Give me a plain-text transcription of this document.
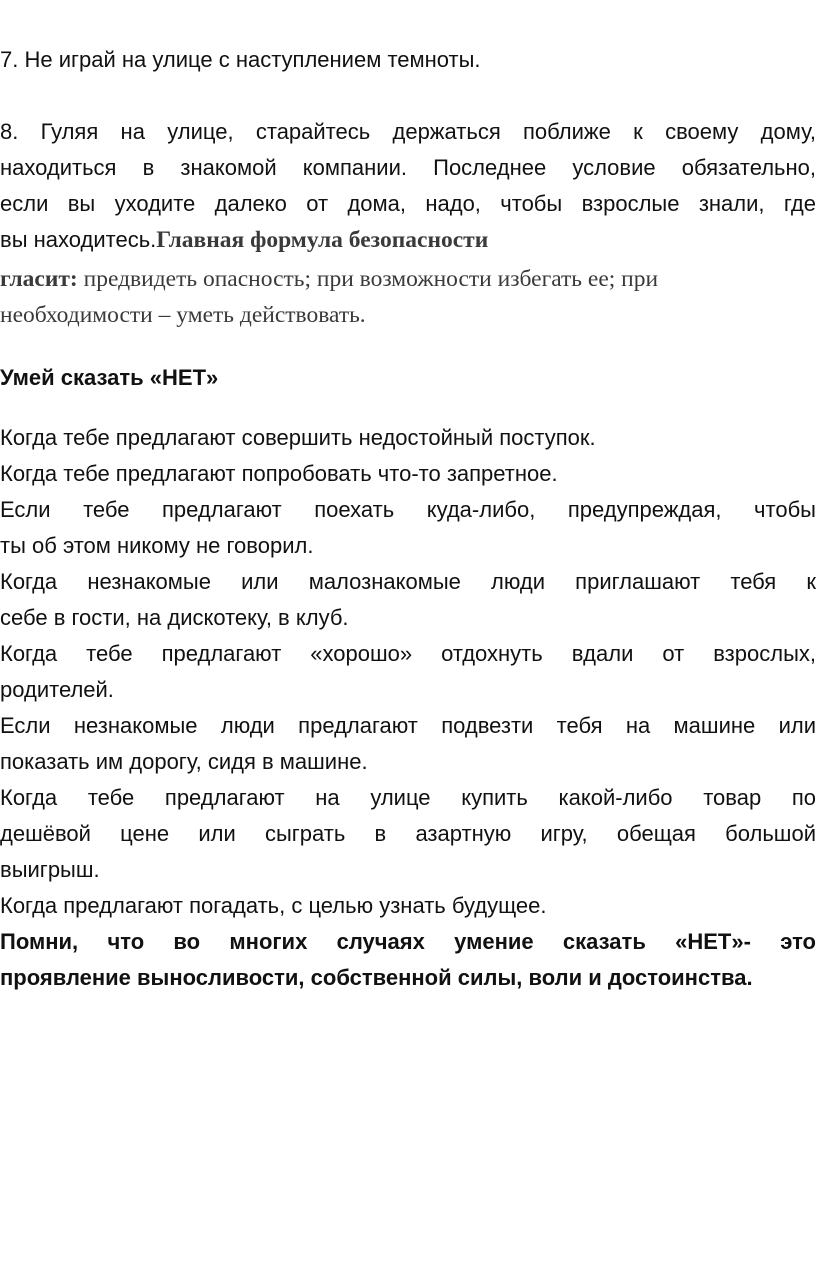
7. Не играй на улице с наступлением темноты.

8. Гуляя на улице, старайтесь держаться поближе к своему дому,
находиться в знакомой компании. Последнее условие обязательно,
если вы уходите далеко от дома, надо, чтобы взрослые знали, где
вы находитесь.Главная формула безопасности
гласит: предвидеть опасность; при возможности избегать ее; при
необходимости – уметь действовать.

Умей сказать «НЕТ»

Когда тебе предлагают совершить недостойный поступок.
Когда тебе предлагают попробовать что-то запретное.
Если тебе предлагают поехать куда-либо, предупреждая, чтобы
ты об этом никому не говорил.
Когда незнакомые или малознакомые люди приглашают тебя к
себе в гости, на дискотеку, в клуб.
Когда тебе предлагают «хорошо» отдохнуть вдали от взрослых,
родителей.
Если незнакомые люди предлагают подвезти тебя на машине или
показать им дорогу, сидя в машине.
Когда тебе предлагают на улице купить какой-либо товар по
дешёвой цене или сыграть в азартную игру, обещая большой
выигрыш.
Когда предлагают погадать, с целью узнать будущее.
Помни, что во многих случаях умение сказать «НЕТ»- это
проявление выносливости, собственной силы, воли и достоинства.
